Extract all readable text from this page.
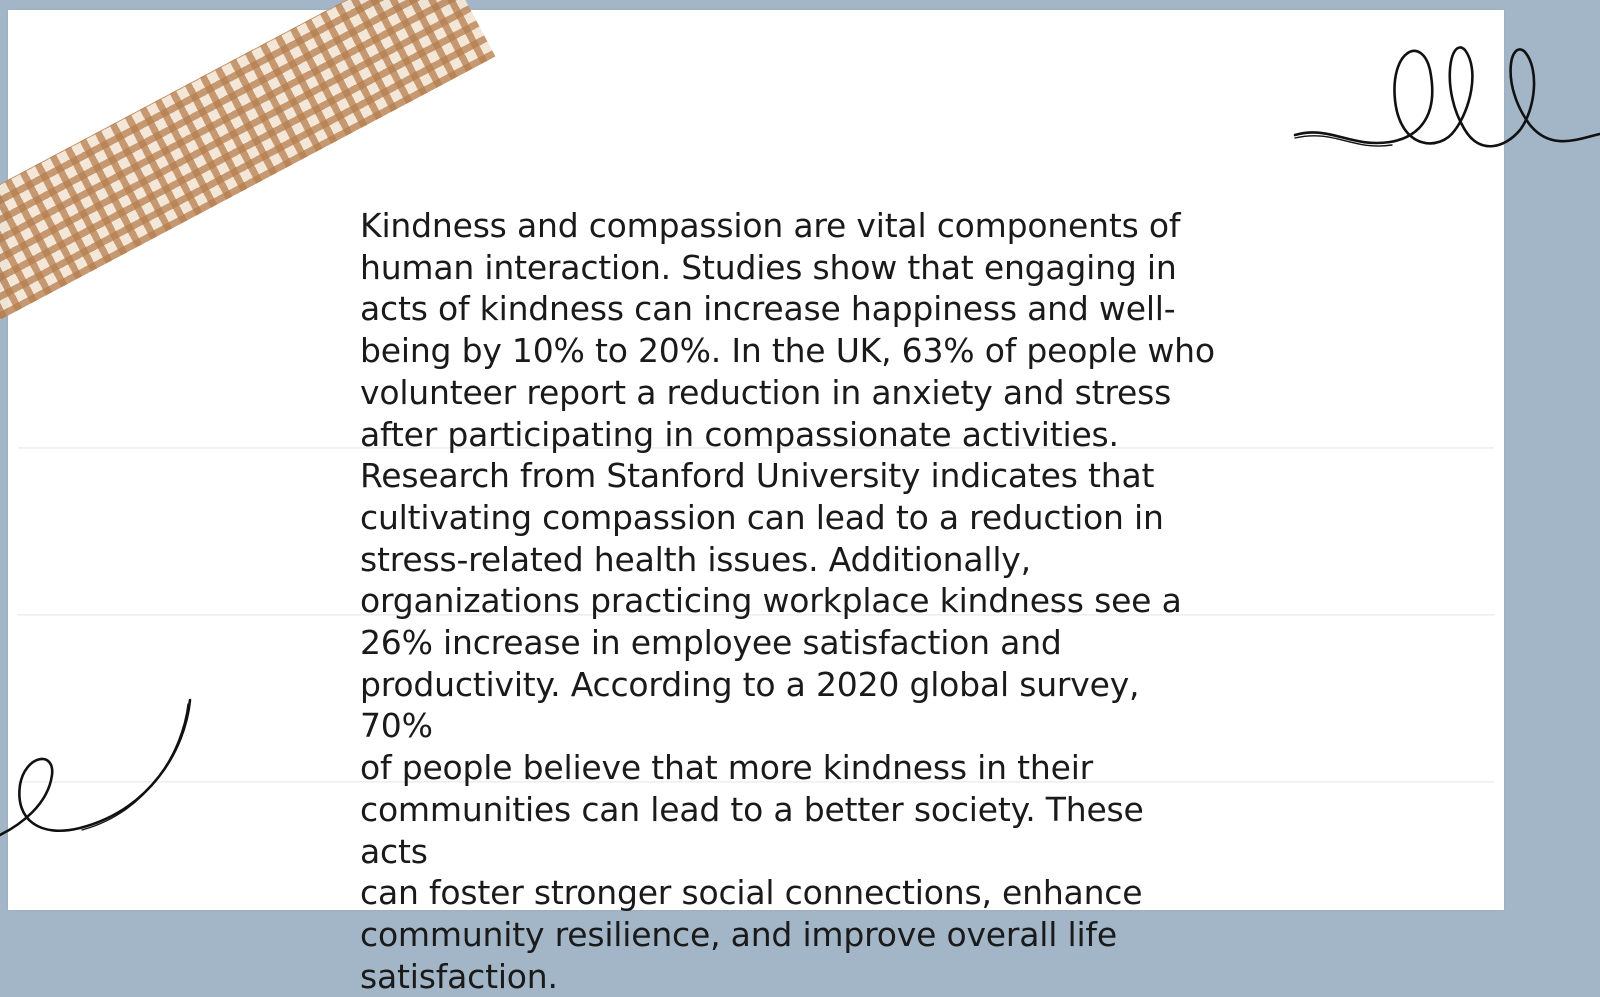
Kindness and compassion are vital components of
human interaction. Studies show that engaging in
acts of kindness can increase happiness and well-
being by 10% to 20%. In the UK, 63% of people who
volunteer report a reduction in anxiety and stress
after participating in compassionate activities.
Research from Stanford University indicates that
cultivating compassion can lead to a reduction in
stress-related health issues. Additionally,
organizations practicing workplace kindness see a
26% increase in employee satisfaction and
productivity. According to a 2020 global survey, 70%
of people believe that more kindness in their
communities can lead to a better society. These acts
can foster stronger social connections, enhance
community resilience, and improve overall life
satisfaction.
